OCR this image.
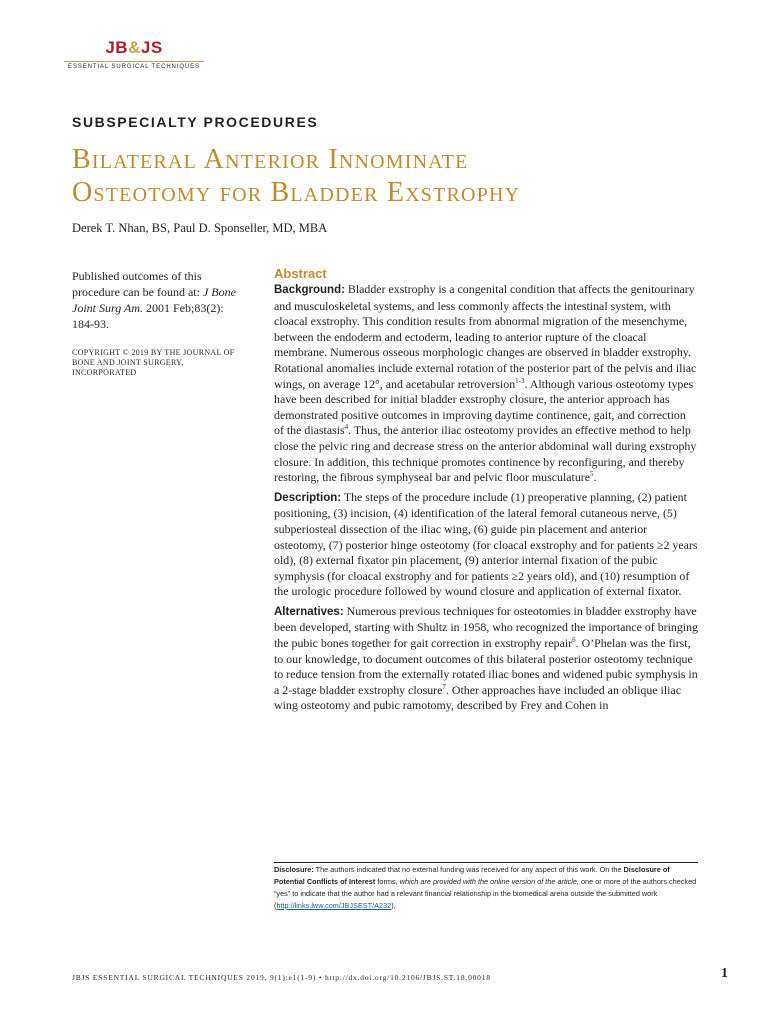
JB&JS
ESSENTIAL SURGICAL TECHNIQUES
SUBSPECIALTY PROCEDURES
Bilateral Anterior Innominate
Osteotomy for Bladder Exstrophy
Derek T. Nhan, BS, Paul D. Sponseller, MD, MBA

Published outcomes of this procedure can be found at: J Bone Joint Surg Am. 2001 Feb;83(2): 184-93.

COPYRIGHT © 2019 BY THE JOURNAL OF BONE AND JOINT SURGERY, INCORPORATED
Abstract

Background: Bladder exstrophy is a congenital condition that affects the genitourinary and musculoskeletal systems, and less commonly affects the intestinal system, with cloacal exstrophy. This condition results from abnormal migration of the mesenchyme, between the endoderm and ectoderm, leading to anterior rupture of the cloacal membrane. Numerous osseous morphologic changes are observed in bladder exstrophy. Rotational anomalies include external rotation of the posterior part of the pelvis and iliac wings, on average 12°, and acetabular retroversion$^{1-3}$. Although various osteotomy types have been described for initial bladder exstrophy closure, the anterior approach has demonstrated positive outcomes in improving daytime continence, gait, and correction of the diastasis$^4$. Thus, the anterior iliac osteotomy provides an effective method to help close the pelvic ring and decrease stress on the anterior abdominal wall during exstrophy closure. In addition, this technique promotes continence by reconfiguring, and thereby restoring, the fibrous symphyseal bar and pelvic floor musculature$^5$.

Description: The steps of the procedure include (1) preoperative planning, (2) patient positioning, (3) incision, (4) identification of the lateral femoral cutaneous nerve, (5) subperiosteal dissection of the iliac wing, (6) guide pin placement and anterior osteotomy, (7) posterior hinge osteotomy (for cloacal exstrophy and for patients ≥2 years old), (8) external fixator pin placement, (9) anterior internal fixation of the pubic symphysis (for cloacal exstrophy and for patients ≥2 years old), and (10) resumption of the urologic procedure followed by wound closure and application of external fixator.

Alternatives: Numerous previous techniques for osteotomies in bladder exstrophy have been developed, starting with Shultz in 1958, who recognized the importance of bringing the pubic bones together for gait correction in exstrophy repair$^6$. O’Phelan was the first, to our knowledge, to document outcomes of this bilateral posterior osteotomy technique to reduce tension from the externally rotated iliac bones and widened pubic symphysis in a 2-stage bladder exstrophy closure$^7$. Other approaches have included an oblique iliac wing osteotomy and pubic ramotomy, described by Frey and Cohen in

Disclosure: The authors indicated that no external funding was received for any aspect of this work. On the Disclosure of Potential Conflicts of Interest forms, which are provided with the online version of the article, one or more of the authors checked “yes” to indicate that the author had a relevant financial relationship in the biomedical arena outside the submitted work (http://links.lww.com/JBJSEST/A232).
JBJS ESSENTIAL SURGICAL TECHNIQUES 2019, 9(1):e1(1-9) • http://dx.doi.org/10.2106/JBJS.ST.18.00018	1
